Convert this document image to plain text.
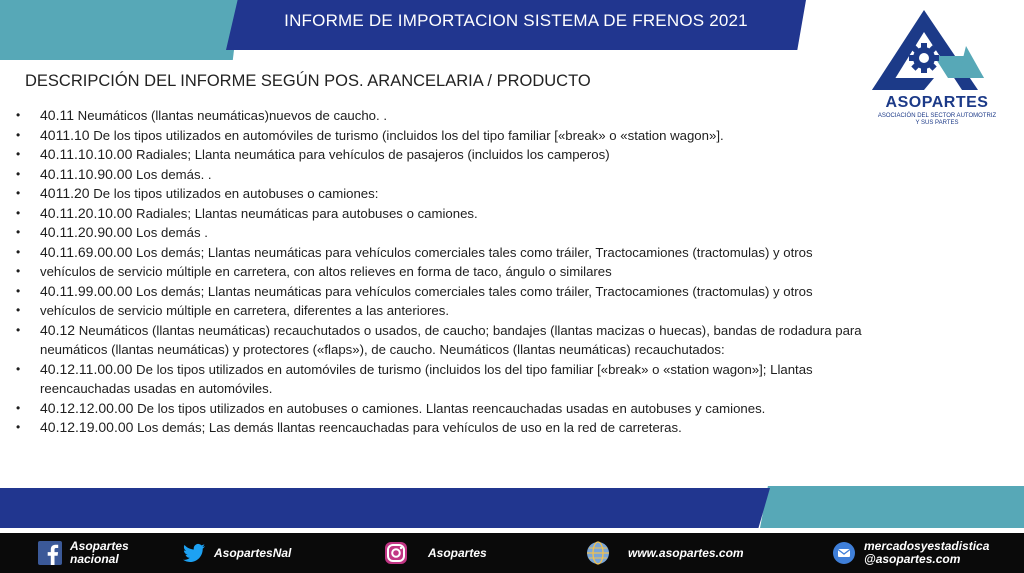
INFORME DE IMPORTACION SISTEMA DE FRENOS 2021
ASOPARTES
ASOCIACIÓN DEL SECTOR AUTOMOTRIZ
Y SUS PARTES
DESCRIPCIÓN DEL INFORME SEGÚN POS. ARANCELARIA / PRODUCTO
• 40.11 Neumáticos (llantas neumáticas)nuevos de caucho. .
• 4011.10 De los tipos utilizados en automóviles de turismo (incluidos los del tipo familiar [«break» o «station wagon»].
• 40.11.10.10.00 Radiales; Llanta neumática para vehículos de pasajeros (incluidos los camperos)
• 40.11.10.90.00 Los demás. .
• 4011.20 De los tipos utilizados en autobuses o camiones:
• 40.11.20.10.00 Radiales; Llantas neumáticas para autobuses o camiones.
• 40.11.20.90.00 Los demás .
• 40.11.69.00.00 Los demás; Llantas neumáticas para vehículos comerciales tales como tráiler, Tractocamiones (tractomulas) y otros
• vehículos de servicio múltiple en carretera, con altos relieves en forma de taco, ángulo o similares
• 40.11.99.00.00 Los demás; Llantas neumáticas para vehículos comerciales tales como tráiler, Tractocamiones (tractomulas) y otros
• vehículos de servicio múltiple en carretera, diferentes a las anteriores.
• 40.12 Neumáticos (llantas neumáticas) recauchutados o usados, de caucho; bandajes (llantas macizas o huecas), bandas de rodadura para neumáticos (llantas neumáticas) y protectores («flaps»), de caucho. Neumáticos (llantas neumáticas) recauchutados:
• 40.12.11.00.00 De los tipos utilizados en automóviles de turismo (incluidos los del tipo familiar [«break» o «station wagon»]; Llantas reencauchadas usadas en automóviles.
• 40.12.12.00.00 De los tipos utilizados en autobuses o camiones. Llantas reencauchadas usadas en autobuses y camiones.
• 40.12.19.00.00 Los demás; Las demás llantas reencauchadas para vehículos de uso en la red de carreteras.
Asopartes
nacional	AsopartesNal	Asopartes	www.asopartes.com	mercadosyestadistica
@asopartes.com
